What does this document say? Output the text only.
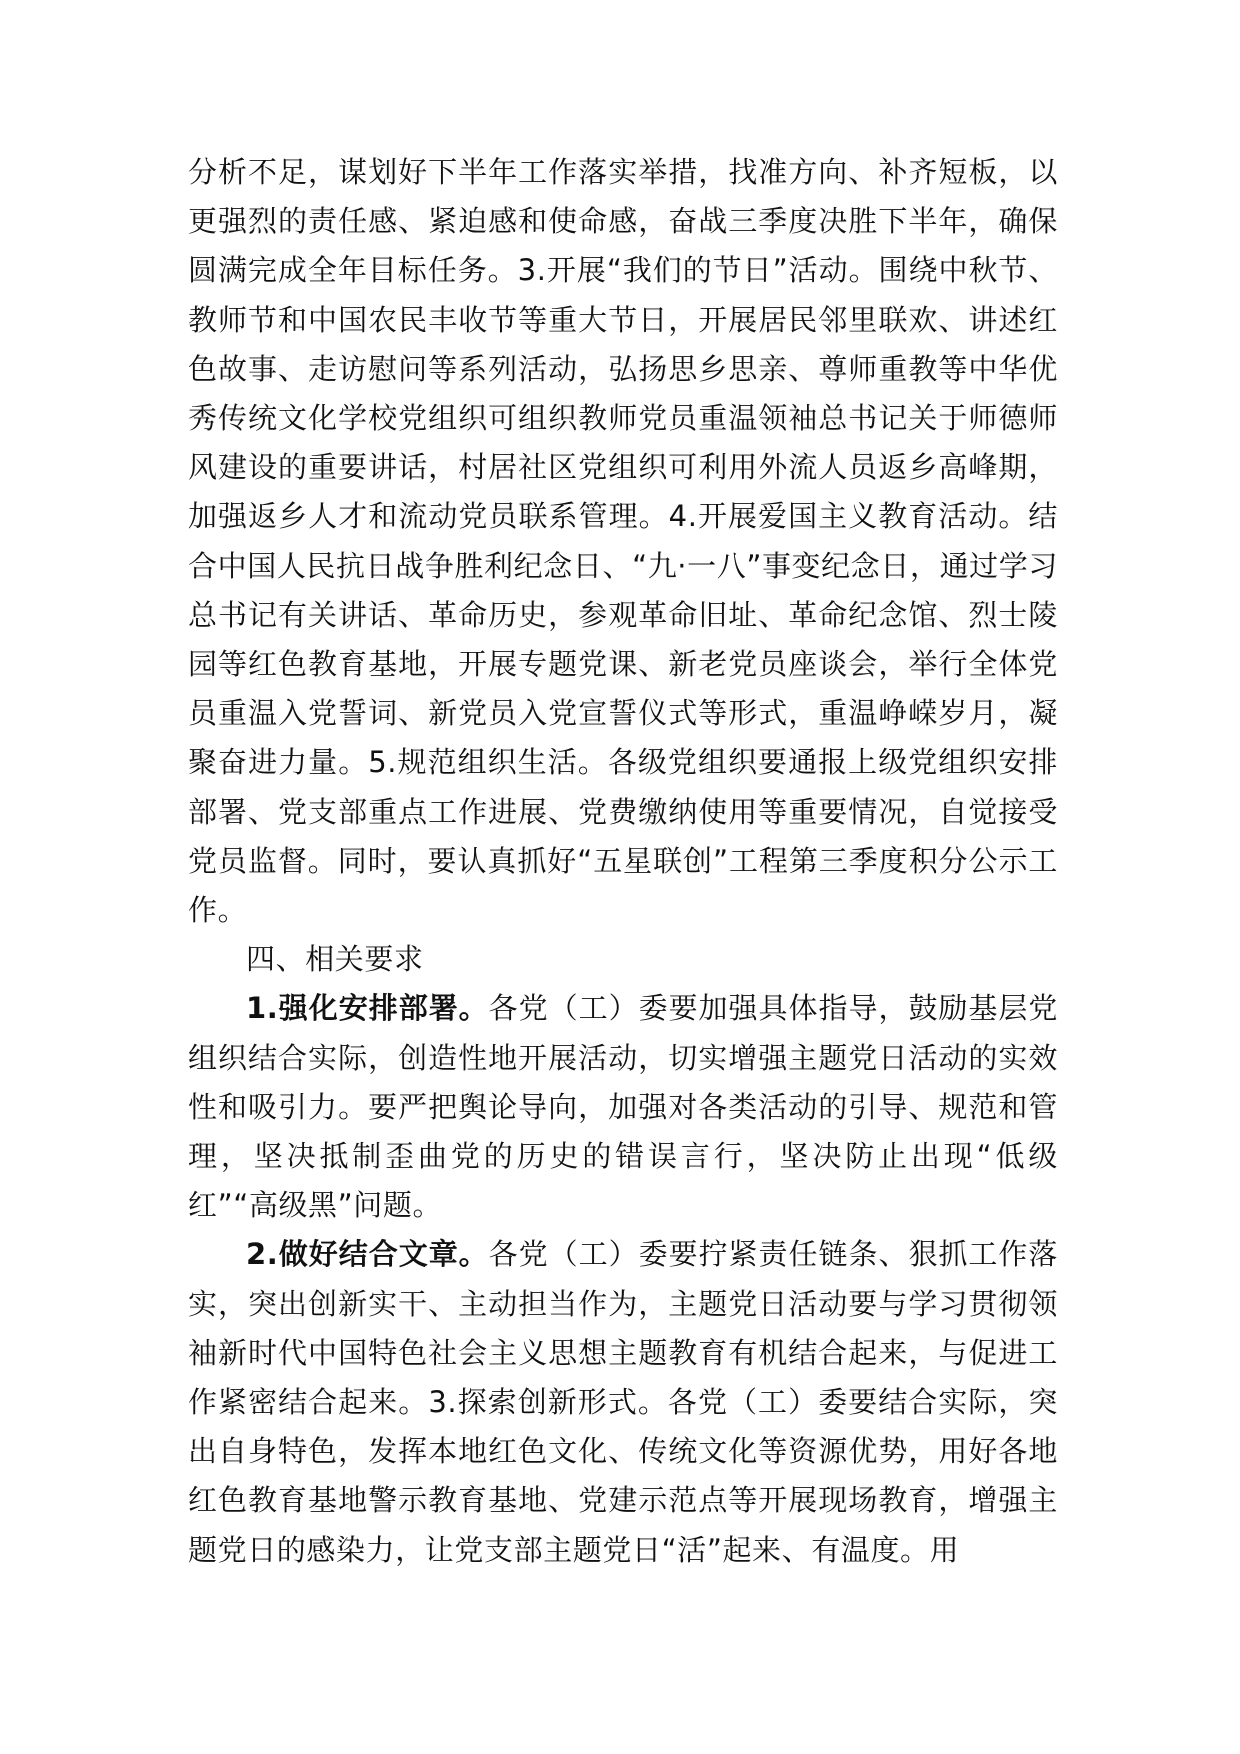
分析不足，谋划好下半年工作落实举措，找准方向、补齐短板，以更强烈的责任感、紧迫感和使命感，奋战三季度决胜下半年，确保圆满完成全年目标任务。3.开展“我们的节日”活动。围绕中秋节、教师节和中国农民丰收节等重大节日，开展居民邻里联欢、讲述红色故事、走访慰问等系列活动，弘扬思乡思亲、尊师重教等中华优秀传统文化学校党组织可组织教师党员重温领袖总书记关于师德师风建设的重要讲话，村居社区党组织可利用外流人员返乡高峰期，加强返乡人才和流动党员联系管理。4.开展爱国主义教育活动。结合中国人民抗日战争胜利纪念日、“九·一八”事变纪念日，通过学习总书记有关讲话、革命历史，参观革命旧址、革命纪念馆、烈士陵园等红色教育基地，开展专题党课、新老党员座谈会，举行全体党员重温入党誓词、新党员入党宣誓仪式等形式，重温峥嵘岁月，凝聚奋进力量。5.规范组织生活。各级党组织要通报上级党组织安排部署、党支部重点工作进展、党费缴纳使用等重要情况，自觉接受党员监督。同时，要认真抓好“五星联创”工程第三季度积分公示工作。

四、相关要求

1.强化安排部署。各党（工）委要加强具体指导，鼓励基层党组织结合实际，创造性地开展活动，切实增强主题党日活动的实效性和吸引力。要严把舆论导向，加强对各类活动的引导、规范和管理，坚决抵制歪曲党的历史的错误言行，坚决防止出现“低级红”“高级黑”问题。

2.做好结合文章。各党（工）委要拧紧责任链条、狠抓工作落实，突出创新实干、主动担当作为，主题党日活动要与学习贯彻领袖新时代中国特色社会主义思想主题教育有机结合起来，与促进工作紧密结合起来。3.探索创新形式。各党（工）委要结合实际，突出自身特色，发挥本地红色文化、传统文化等资源优势，用好各地红色教育基地警示教育基地、党建示范点等开展现场教育，增强主题党日的感染力，让党支部主题党日“活”起来、有温度。用
